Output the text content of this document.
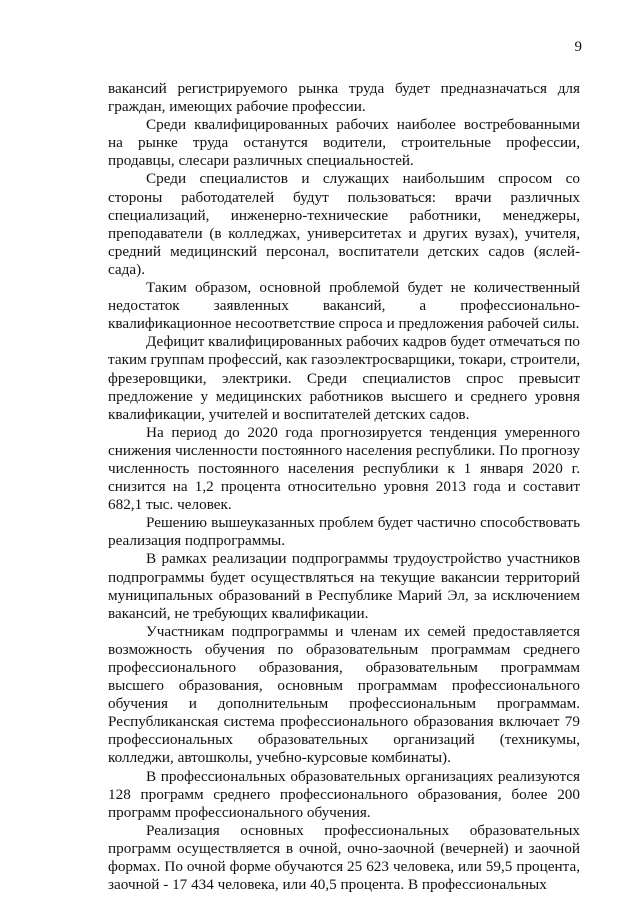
9

вакансий регистрируемого рынка труда будет предназначаться для граждан, имеющих рабочие профессии.

Среди квалифицированных рабочих наиболее востребованными на рынке труда останутся водители, строительные профессии, продавцы, слесари различных специальностей.

Среди специалистов и служащих наибольшим спросом со стороны работодателей будут пользоваться: врачи различных специализаций, инженерно-технические работники, менеджеры, преподаватели (в колледжах, университетах и других вузах), учителя, средний медицинский персонал, воспитатели детских садов (яслей-сада).

Таким образом, основной проблемой будет не количественный недостаток заявленных вакансий, а профессионально-квалификационное несоответствие спроса и предложения рабочей силы.

Дефицит квалифицированных рабочих кадров будет отмечаться по таким группам профессий, как газоэлектросварщики, токари, строители, фрезеровщики, электрики. Среди специалистов спрос превысит предложение у медицинских работников высшего и среднего уровня квалификации, учителей и воспитателей детских садов.

На период до 2020 года прогнозируется тенденция умеренного снижения численности постоянного населения республики. По прогнозу численность постоянного населения республики к 1 января 2020 г. снизится на 1,2 процента относительно уровня 2013 года и составит 682,1 тыс. человек.

Решению вышеуказанных проблем будет частично способствовать реализация подпрограммы.

В рамках реализации подпрограммы трудоустройство участников подпрограммы будет осуществляться на текущие вакансии территорий муниципальных образований в Республике Марий Эл, за исключением вакансий, не требующих квалификации.

Участникам подпрограммы и членам их семей предоставляется возможность обучения по образовательным программам среднего профессионального образования, образовательным программам высшего образования, основным программам профессионального обучения и дополнительным профессиональным программам. Республиканская система профессионального образования включает 79 профессиональных образовательных организаций (техникумы, колледжи, автошколы, учебно-курсовые комбинаты).

В профессиональных образовательных организациях реализуются 128 программ среднего профессионального образования, более 200 программ профессионального обучения.

Реализация основных профессиональных образовательных программ осуществляется в очной, очно-заочной (вечерней) и заочной формах. По очной форме обучаются 25 623 человека, или 59,5 процента, заочной - 17 434 человека, или 40,5 процента. В профессиональных
